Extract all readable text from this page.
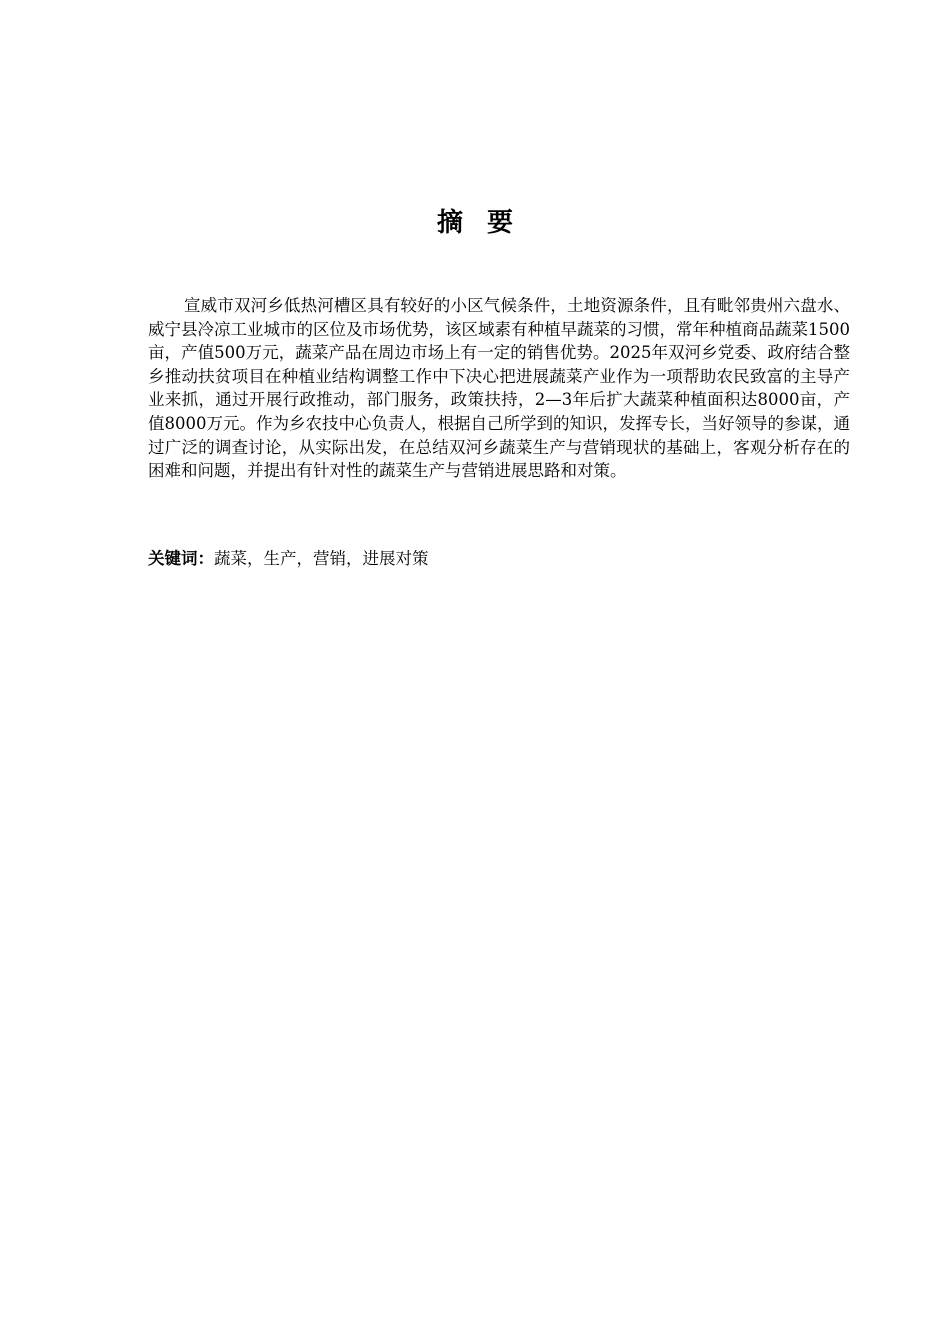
摘要

宣威市双河乡低热河槽区具有较好的小区气候条件，土地资源条件，且有毗邻贵州六盘水、威宁县冷凉工业城市的区位及市场优势，该区域素有种植早蔬菜的习惯，常年种植商品蔬菜1500亩，产值500万元，蔬菜产品在周边市场上有一定的销售优势。2025年双河乡党委、政府结合整乡推动扶贫项目在种植业结构调整工作中下决心把进展蔬菜产业作为一项帮助农民致富的主导产业来抓，通过开展行政推动，部门服务，政策扶持，2—3年后扩大蔬菜种植面积达8000亩，产值8000万元。作为乡农技中心负责人，根据自己所学到的知识，发挥专长，当好领导的参谋，通过广泛的调查讨论，从实际出发，在总结双河乡蔬菜生产与营销现状的基础上，客观分析存在的困难和问题，并提出有针对性的蔬菜生产与营销进展思路和对策。

关键词：蔬菜，生产，营销，进展对策
